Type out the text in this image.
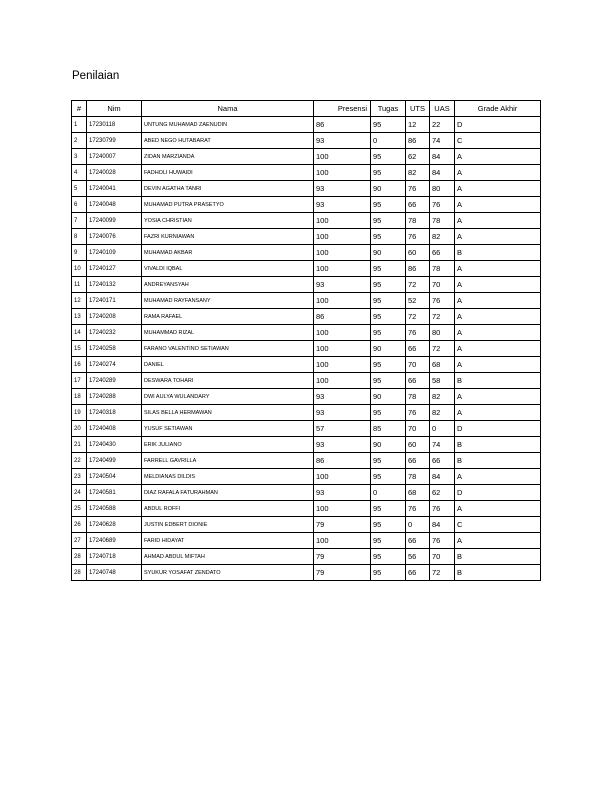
Penilaian
#	Nim	Nama	Presensi	Tugas	UTS	UAS	Grade Akhir
1	17230118	UNTUNG MUHAMAD ZAENUDIN	86	95	12	22	D
2	17230799	ABED NEGO HUTABARAT	93	0	86	74	C
3	17240007	ZIDAN MARZIANDA	100	95	62	84	A
4	17240028	FADHOLI HUWAIDI	100	95	82	84	A
5	17240041	DEVIN AGATHA TANRI	93	90	76	80	A
6	17240048	MUHAMAD PUTRA PRASETYO	93	95	66	76	A
7	17240099	YOSIA CHRISTIAN	100	95	78	78	A
8	17240076	FAZRI KURNIAWAN	100	95	76	82	A
9	17240109	MUHAMAD AKBAR	100	90	60	66	B
10	17240127	VIVALDI IQBAL	100	95	86	78	A
11	17240132	ANDREYANSYAH	93	95	72	70	A
12	17240171	MUHAMAD RAYFANSANY	100	95	52	76	A
13	17240208	RAMA RAFAEL	86	95	72	72	A
14	17240232	MUHAMMAD RIZAL	100	95	76	80	A
15	17240258	FARANO VALENTINO SETIAWAN	100	90	66	72	A
16	17240274	DANIEL	100	95	70	68	A
17	17240289	DESWARA TOHARI	100	95	66	58	B
18	17240288	DWI AULYA WULANDARY	93	90	78	82	A
19	17240318	SILAS BELLA HERMAWAN	93	95	76	82	A
20	17240408	YUSUF SETIAWAN	57	85	70	0	D
21	17240430	ERIK JULIANO	93	90	60	74	B
22	17240499	FARRELL GAVRILLA	86	95	66	66	B
23	17240504	MELDIANAS DILDIS	100	95	78	84	A
24	17240581	DIAZ RAFALA FATURAHMAN	93	0	68	62	D
25	17240588	ABDUL ROFFI	100	95	76	76	A
26	17240628	JUSTIN EDBERT DIONIE	79	95	0	84	C
27	17240689	FARID HIDAYAT	100	95	66	76	A
28	17240718	AHMAD ABDUL MIFTAH	79	95	56	70	B
28	17240748	SYUKUR YOSAFAT ZENDATO	79	95	66	72	B
